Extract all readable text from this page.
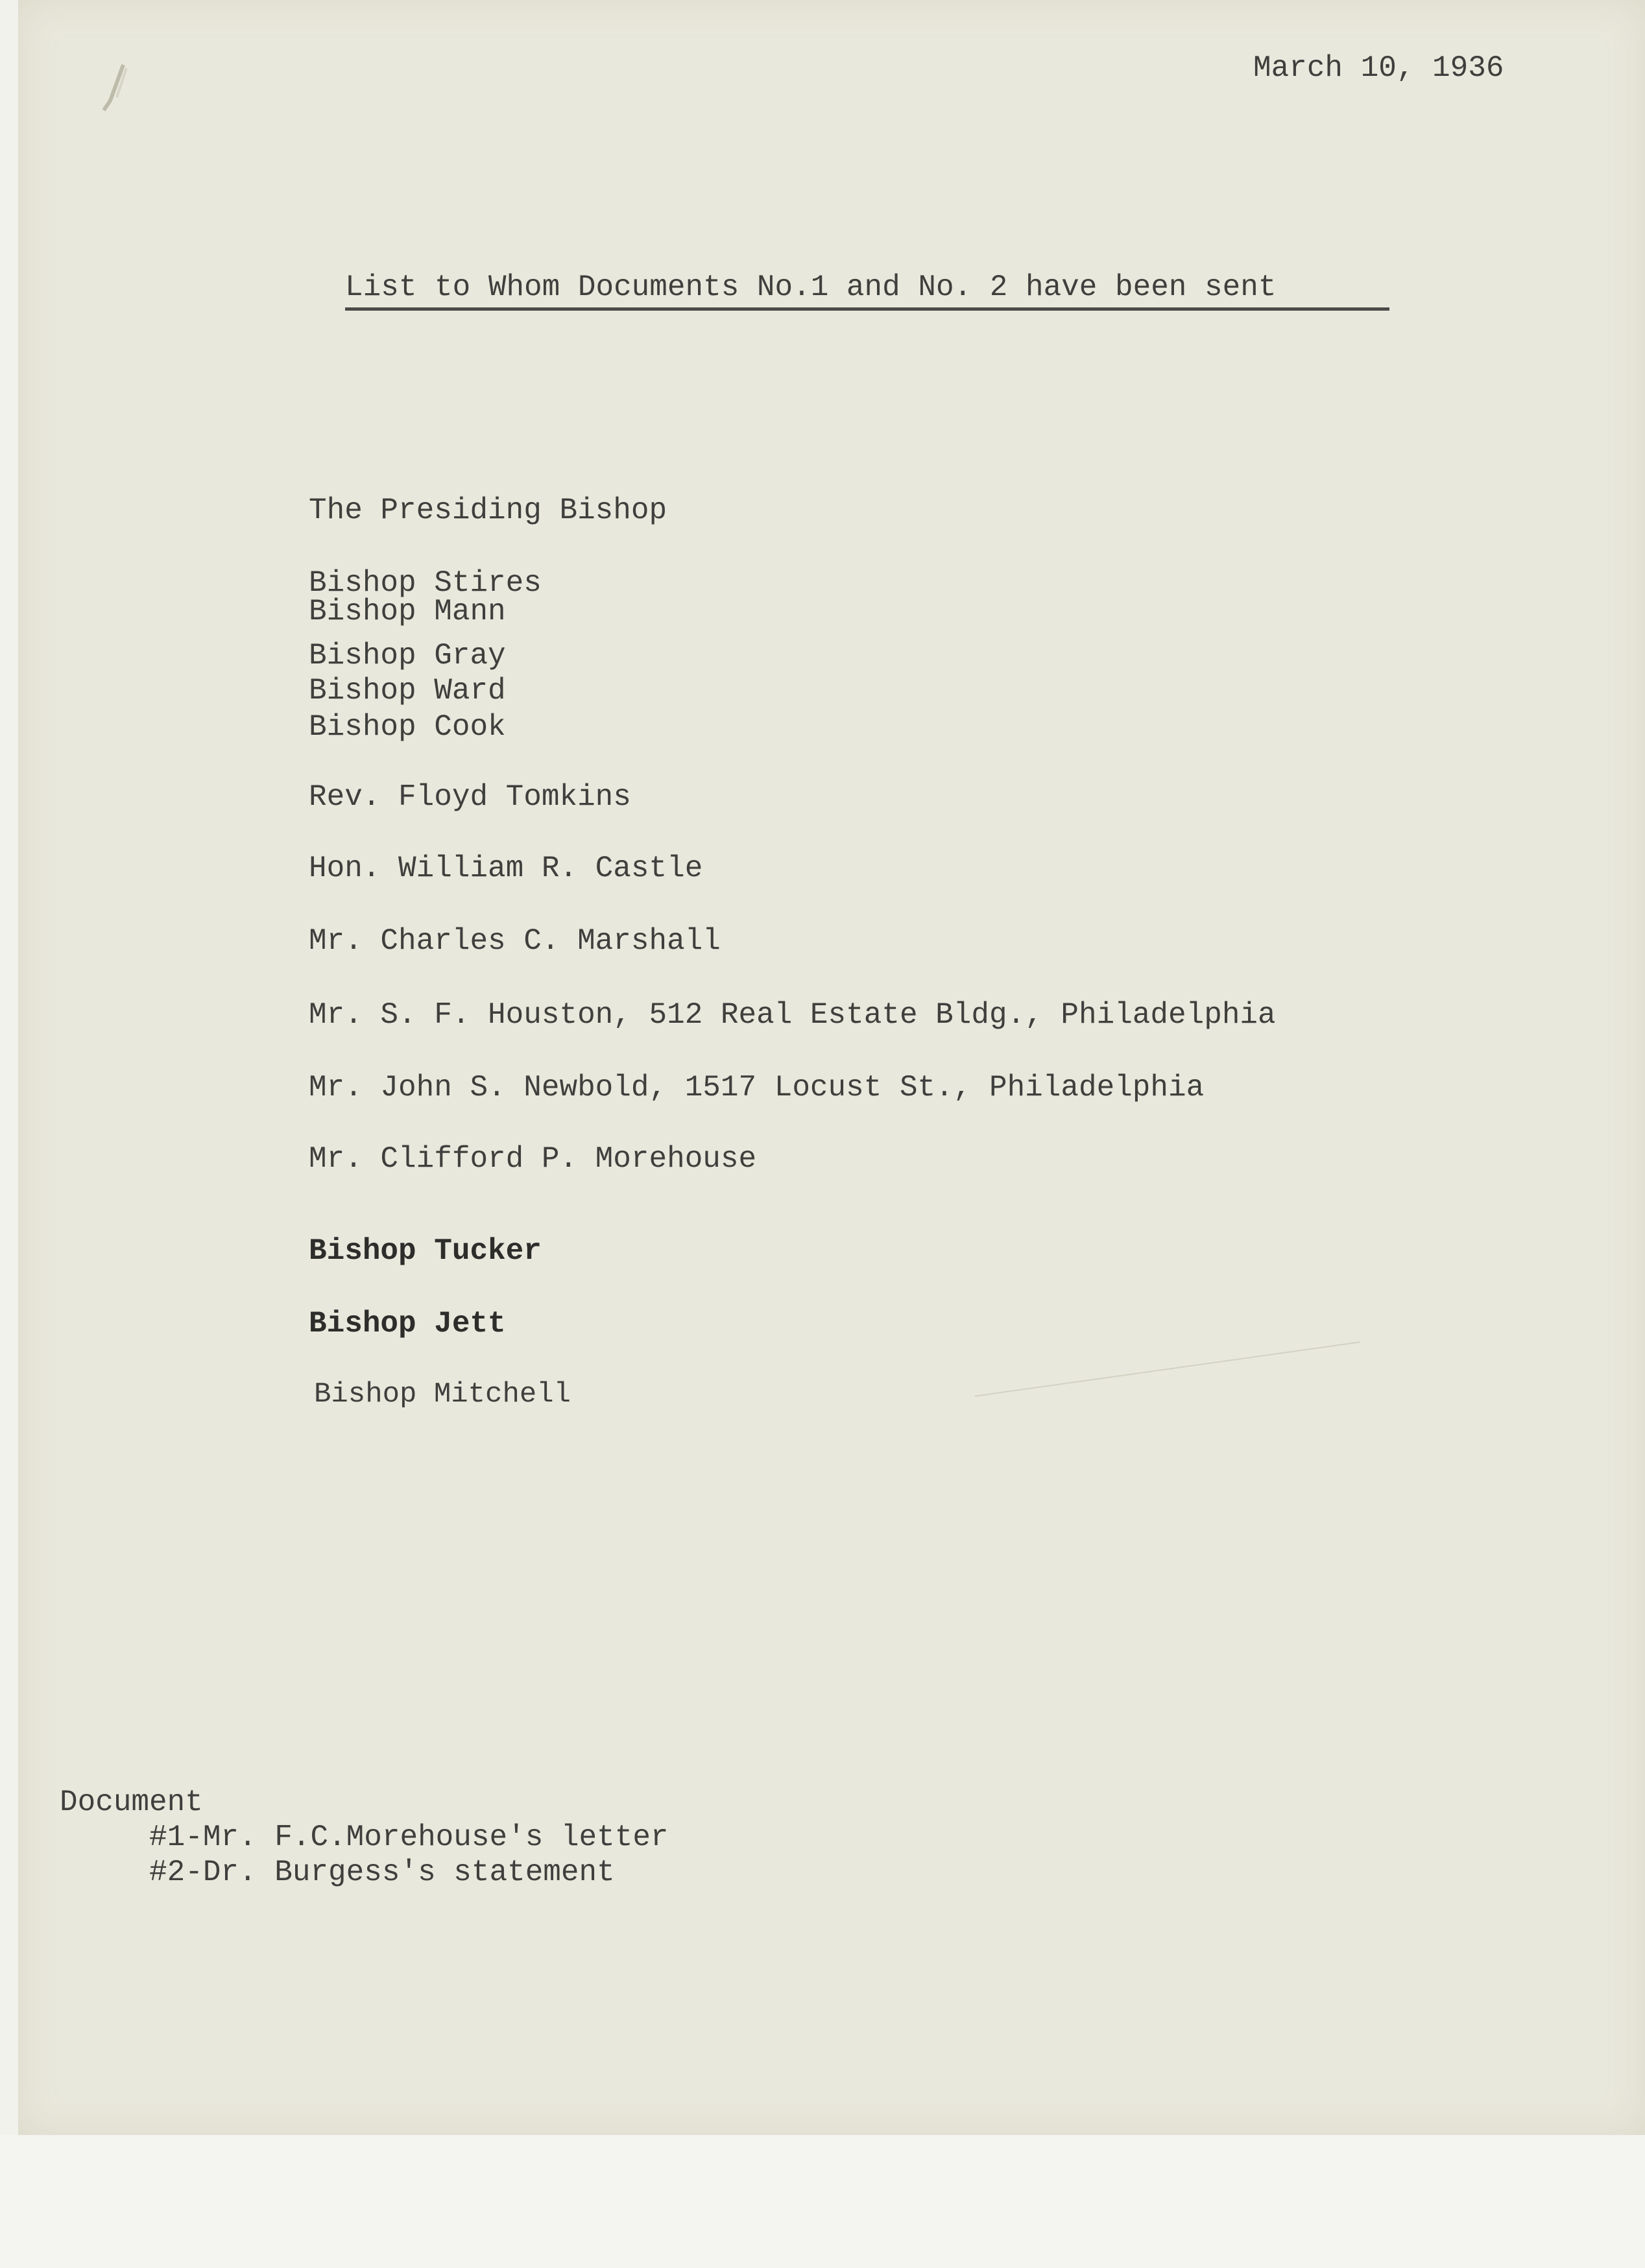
March 10, 1936
List to Whom Documents No.1 and No. 2 have been sent
The Presiding Bishop
Bishop Stires
Bishop Mann
Bishop Gray
Bishop Ward
Bishop Cook
Rev. Floyd Tomkins
Hon. William R. Castle
Mr. Charles C. Marshall
Mr. S. F. Houston, 512 Real Estate Bldg., Philadelphia
Mr. John S. Newbold, 1517 Locust St., Philadelphia
Mr. Clifford P. Morehouse
Bishop Tucker
Bishop Jett
Bishop Mitchell
Document
#1-Mr. F.C.Morehouse's letter
#2-Dr. Burgess's statement
